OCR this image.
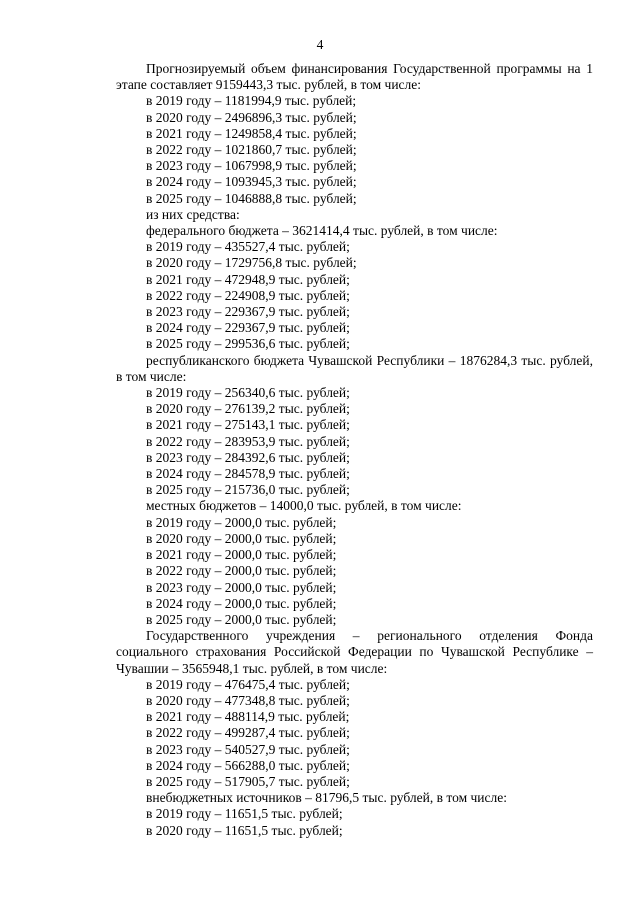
4

Прогнозируемый объем финансирования Государственной программы на 1 этапе составляет 9159443,3 тыс. рублей, в том числе:

в 2019 году – 1181994,9 тыс. рублей;

в 2020 году – 2496896,3 тыс. рублей;

в 2021 году – 1249858,4 тыс. рублей;

в 2022 году – 1021860,7 тыс. рублей;

в 2023 году – 1067998,9 тыс. рублей;

в 2024 году – 1093945,3 тыс. рублей;

в 2025 году – 1046888,8 тыс. рублей;

из них средства:

федерального бюджета – 3621414,4 тыс. рублей, в том числе:

в 2019 году – 435527,4 тыс. рублей;

в 2020 году – 1729756,8 тыс. рублей;

в 2021 году – 472948,9 тыс. рублей;

в 2022 году – 224908,9 тыс. рублей;

в 2023 году – 229367,9 тыс. рублей;

в 2024 году – 229367,9 тыс. рублей;

в 2025 году – 299536,6 тыс. рублей;

республиканского бюджета Чувашской Республики – 1876284,3 тыс. рублей, в том числе:

в 2019 году – 256340,6 тыс. рублей;

в 2020 году – 276139,2 тыс. рублей;

в 2021 году – 275143,1 тыс. рублей;

в 2022 году – 283953,9 тыс. рублей;

в 2023 году – 284392,6 тыс. рублей;

в 2024 году – 284578,9 тыс. рублей;

в 2025 году – 215736,0 тыс. рублей;

местных бюджетов – 14000,0 тыс. рублей, в том числе:

в 2019 году – 2000,0 тыс. рублей;

в 2020 году – 2000,0 тыс. рублей;

в 2021 году – 2000,0 тыс. рублей;

в 2022 году – 2000,0 тыс. рублей;

в 2023 году – 2000,0 тыс. рублей;

в 2024 году – 2000,0 тыс. рублей;

в 2025 году – 2000,0 тыс. рублей;

Государственного учреждения – регионального отделения Фонда социального страхования Российской Федерации по Чувашской Республике – Чувашии – 3565948,1 тыс. рублей, в том числе:

в 2019 году – 476475,4 тыс. рублей;

в 2020 году – 477348,8 тыс. рублей;

в 2021 году – 488114,9 тыс. рублей;

в 2022 году – 499287,4 тыс. рублей;

в 2023 году – 540527,9 тыс. рублей;

в 2024 году – 566288,0 тыс. рублей;

в 2025 году – 517905,7 тыс. рублей;

внебюджетных источников – 81796,5 тыс. рублей, в том числе:

в 2019 году – 11651,5 тыс. рублей;

в 2020 году – 11651,5 тыс. рублей;
